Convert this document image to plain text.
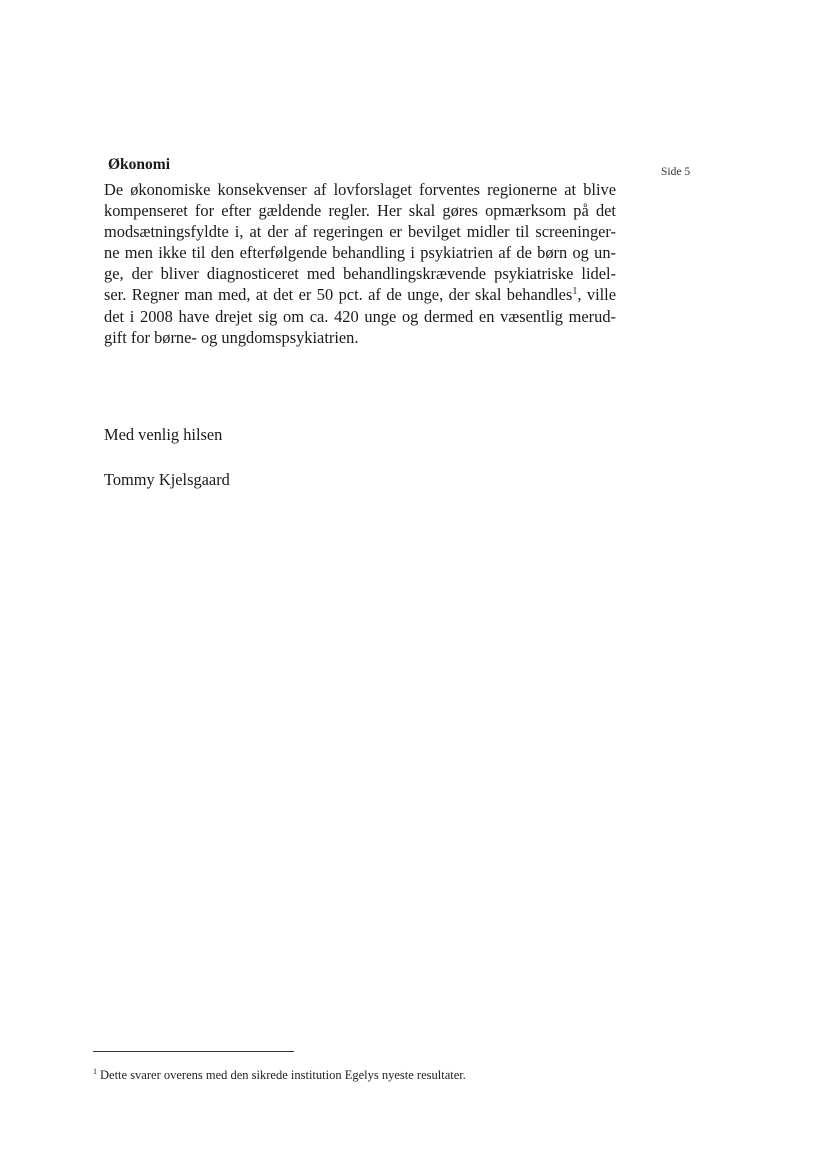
Side 5
Økonomi

De økonomiske konsekvenser af lovforslaget forventes regionerne at blive
kompenseret for efter gældende regler. Her skal gøres opmærksom på det
modsætningsfyldte i, at der af regeringen er bevilget midler til screeninger-
ne men ikke til den efterfølgende behandling i psykiatrien af de børn og un-
ge, der bliver diagnosticeret med behandlingskrævende psykiatriske lidel-
ser. Regner man med, at det er 50 pct. af de unge, der skal behandles$^1$, ville
det i 2008 have drejet sig om ca. 420 unge og dermed en væsentlig merud-
gift for børne- og ungdomspsykiatrien.

Med venlig hilsen

Tommy Kjelsgaard

$^1$ Dette svarer overens med den sikrede institution Egelys nyeste resultater.
